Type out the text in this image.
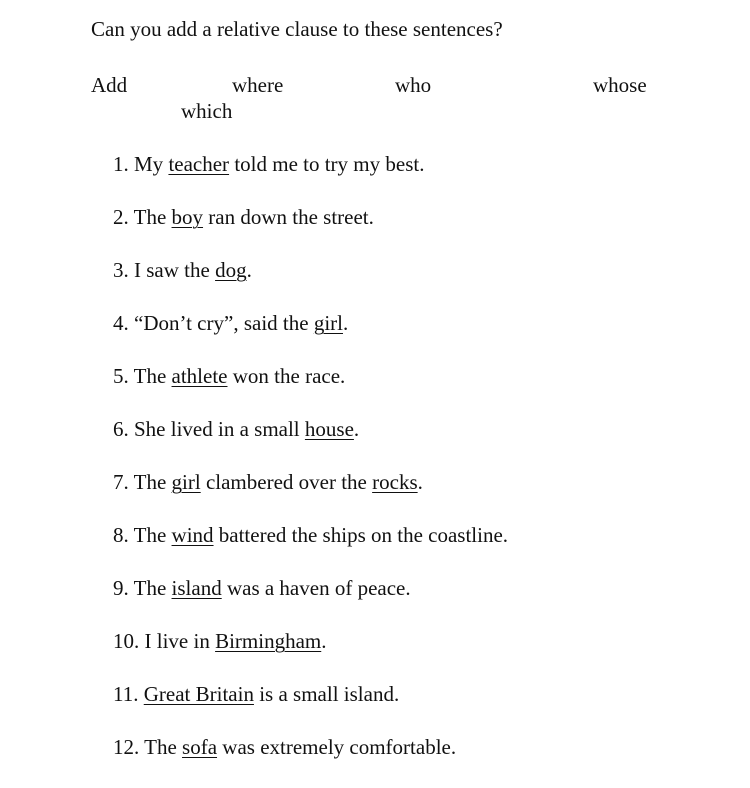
Can you add a relative clause to these sentences?
Add	where	who	whose
which
1. My teacher told me to try my best.
2. The boy ran down the street.
3. I saw the dog.
4. “Don’t cry”, said the girl.
5. The athlete won the race.
6. She lived in a small house.
7. The girl clambered over the rocks.
8. The wind battered the ships on the coastline.
9. The island was a haven of peace.
10. I live in Birmingham.
11. Great Britain is a small island.
12. The sofa was extremely comfortable.
